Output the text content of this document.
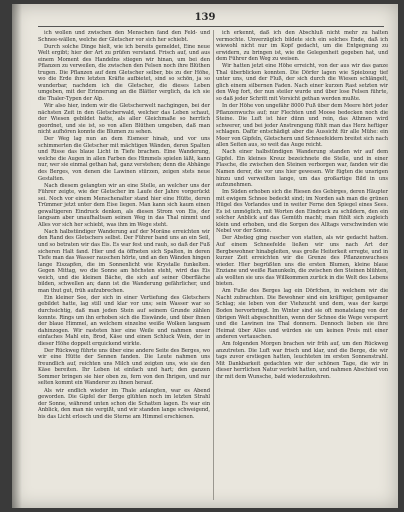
139

ich wollen und zwischen den Menschen fand den Feld- und Schnee-wällen, welche der Gletscher vor sich her schiebt.

Durch solche Dinge hielt, wie ich bereits gemeldet, Eine neue Welt ergibt; hier der Art zu prüfen verstand. Frisch auf, und aus einem Moment des Handelns stiegen wir hinan, um bei den Pflanzen zu verweilen, die zwischen den Felsen noch ihre Blüthen trugen. Die Pflanzen auf dem Gletscher selber, bis zu der Höhe, wo die Erde ihre letzten Kräfte aufbietet, sind so schön, ja so wunderbar, nachdem ich die Gletscher, die dieses Leben umgeben, mit der Erinnerung an die Blätter verglich, da ich sie die Thaler-Typen der Alp.

Wir also hier, indem wir die Gletscherwelt nachgingen, bei der nächsten Zeit in den Gletscherwald, welcher das Leben schaut, der Wiesen gebildet hatte, als aller Gleichmaße so herrlich geordnet, und sie ist, so von allen Blüthen umgeben, daß man nicht aufhören konnte die Blumen zu sehen.

Der Weg lag nun an dem Eismeer hinab, und vor uns schimmerten die Gletscher mit mächtigen Wänden, deren Spalten und Risse das blaue Licht in Tiefe brachen. Eine Wanderung, welche die Augen in allen Farben des Himmels spielen läßt, kann nur, wer sie einmal gethan hat, ganz verstehen; denn die Abhänge des Berges, von denen die Lawinen stürzen, zeigen stets neue Gestalten.

Nach diesem gelangten wir an eine Stelle, an welcher uns der Führer zeigte, wie der Gletscher im Laufe der Jahre vorgerückt sei. Noch vor einem Menschenalter stand hier eine Hütte, deren Trümmer jetzt unter dem Eise liegen. Man kann sich kaum einen gewaltigeren Eindruck denken, als diesen Strom von Eis, der langsam aber unaufhaltsam seinen Weg in das Thal nimmt und Alles vor sich her schiebt, was ihm im Wege steht.

Nach halbstündiger Wanderung auf der Moräne erreichten wir den Rand des Gletschers selbst. Der Führer band uns an ein Seil, und so betraten wir das Eis. Es war fest und rauh, so daß der Fuß sicheren Halt fand. Hier und da öffneten sich Spalten, in deren Tiefe man das Wasser rauschen hörte, und an den Wänden hingen lange Eiszapfen, die im Sonnenlicht wie Krystalle funkelten. Gegen Mittag, wo die Sonne am höchsten steht, wird das Eis weich, und die kleinen Bäche, die sich auf seiner Oberfläche bilden, schwellen an; dann ist die Wanderung gefährlicher, und man thut gut, früh aufzubrechen.

Ein kleiner See, der sich in einer Vertiefung des Gletschers gebildet hatte, lag still und klar vor uns; sein Wasser war so durchsichtig, daß man jeden Stein auf seinem Grunde zählen konnte. Rings um ihn erhoben sich die Eiswände, und über ihnen der blaue Himmel, an welchem einzelne weiße Wolken langsam dahinzogen. Wir rasteten hier eine Weile und nahmen unser einfaches Mahl ein, Brod, Käse und einen Schluck Wein, der in dieser Höhe doppelt erquickend wirkte.

Der Rückweg führte uns über eine andere Seite des Berges, wo wir eine Hütte der Sennen fanden. Die Leute nahmen uns freundlich auf, reichten uns Milch und zeigten uns, wie sie den Käse bereiten. Ihr Leben ist einfach und hart; den ganzen Sommer bringen sie hier oben zu, fern von den Ihrigen, und nur selten kommt ein Wanderer zu ihnen herauf.

Als wir endlich wieder im Thale anlangten, war es Abend geworden. Die Gipfel der Berge glühten noch im letzten Strahl der Sonne, während unten schon die Schatten lagen. Es war ein Anblick, den man nie vergißt, und wir standen lange schweigend, bis das Licht erlosch und die Sterne am Himmel erschienen.

ich erkennt, daß ich den Abschluß nicht mehr zu halten vermochte. Unverzüglich bildete sich ein solches Ende, daß ich wiewohl nicht nur im Kopf gedacht, um die Entgegnung zu erwidern, zu bringen ist, wie die Gelegenheit gegeben hat, und dem Führer den Weg zu weisen.

Wir hatten jetzt eine Höhe erreicht, von der aus wir das ganze Thal überblicken konnten. Die Dörfer lagen wie Spielzeug tief unter uns, und der Fluß, der sich durch die Wiesen schlängelt, glich einem silbernen Faden. Nach einer kurzen Rast setzten wir den Weg fort, der nun steiler wurde und über lose Felsen führte, so daß jeder Schritt mit Vorsicht gethan werden mußte.

In der Höhe von ungefähr 8000 Fuß über dem Meere hört jeder Pflanzenwuchs auf; nur Flechten und Moose bedecken noch die Steine. Die Luft ist hier dünn und rein, das Athmen wird schwerer, und bei jeder Anstrengung fühlt man das Herz heftiger schlagen. Dafür entschädigt aber die Aussicht für alle Mühe: ein Meer von Gipfeln, Gletschern und Schneefeldern breitet sich nach allen Seiten aus, so weit das Auge reicht.

Nach einer halbstündigen Wanderung standen wir auf dem Gipfel. Ein kleines Kreuz bezeichnete die Stelle, und in einer Flasche, die zwischen den Steinen verborgen war, fanden wir die Namen derer, die vor uns hier gewesen. Wir fügten die unsrigen hinzu und verweilten lange, um das großartige Bild in uns aufzunehmen.

Im Süden erhoben sich die Riesen des Gebirges, deren Häupter mit ewigem Schnee bedeckt sind; im Norden sah man die grünen Hügel des Vorlandes und in weiter Ferne den Spiegel eines Sees. Es ist unmöglich, mit Worten den Eindruck zu schildern, den ein solcher Anblick auf das Gemüth macht; man fühlt sich zugleich klein und erhoben, und die Sorgen des Alltags verschwinden wie Nebel vor der Sonne.

Der Abstieg ging rascher von statten, als wir gedacht hatten. Auf einem Schneefelde ließen wir uns nach Art der Bergbewohner hinabgleiten, was große Heiterkeit erregte, und in kurzer Zeit erreichten wir die Grenze des Pflanzenwuchses wieder. Hier begrüßten uns die ersten Blumen, kleine blaue Enziane und weiße Ranunkeln, die zwischen den Steinen blühten, als wollten sie uns das Willkommen zurück in die Welt des Lebens bieten.

Am Fuße des Berges lag ein Dörfchen, in welchem wir die Nacht zubrachten. Die Bewohner sind ein kräftiger, genügsamer Schlag; sie leben von der Viehzucht und dem, was der karge Boden hervorbringt. Im Winter sind sie oft monatelang von der übrigen Welt abgeschnitten, wenn der Schnee die Wege versperrt und die Lawinen ins Thal donnern. Dennoch lieben sie ihre Heimat über Alles und würden sie um keinen Preis mit einer anderen vertauschen.

Am folgenden Morgen brachen wir früh auf, um den Rückweg anzutreten. Die Luft war frisch und klar, und die Berge, die wir tags zuvor erstiegen hatten, leuchteten im ersten Sonnenstrahl. Mit Dankbarkeit gedachten wir der schönen Tage, die wir in dieser herrlichen Natur verlebt hatten, und nahmen Abschied von ihr mit dem Wunsche, bald wiederzukehren.
